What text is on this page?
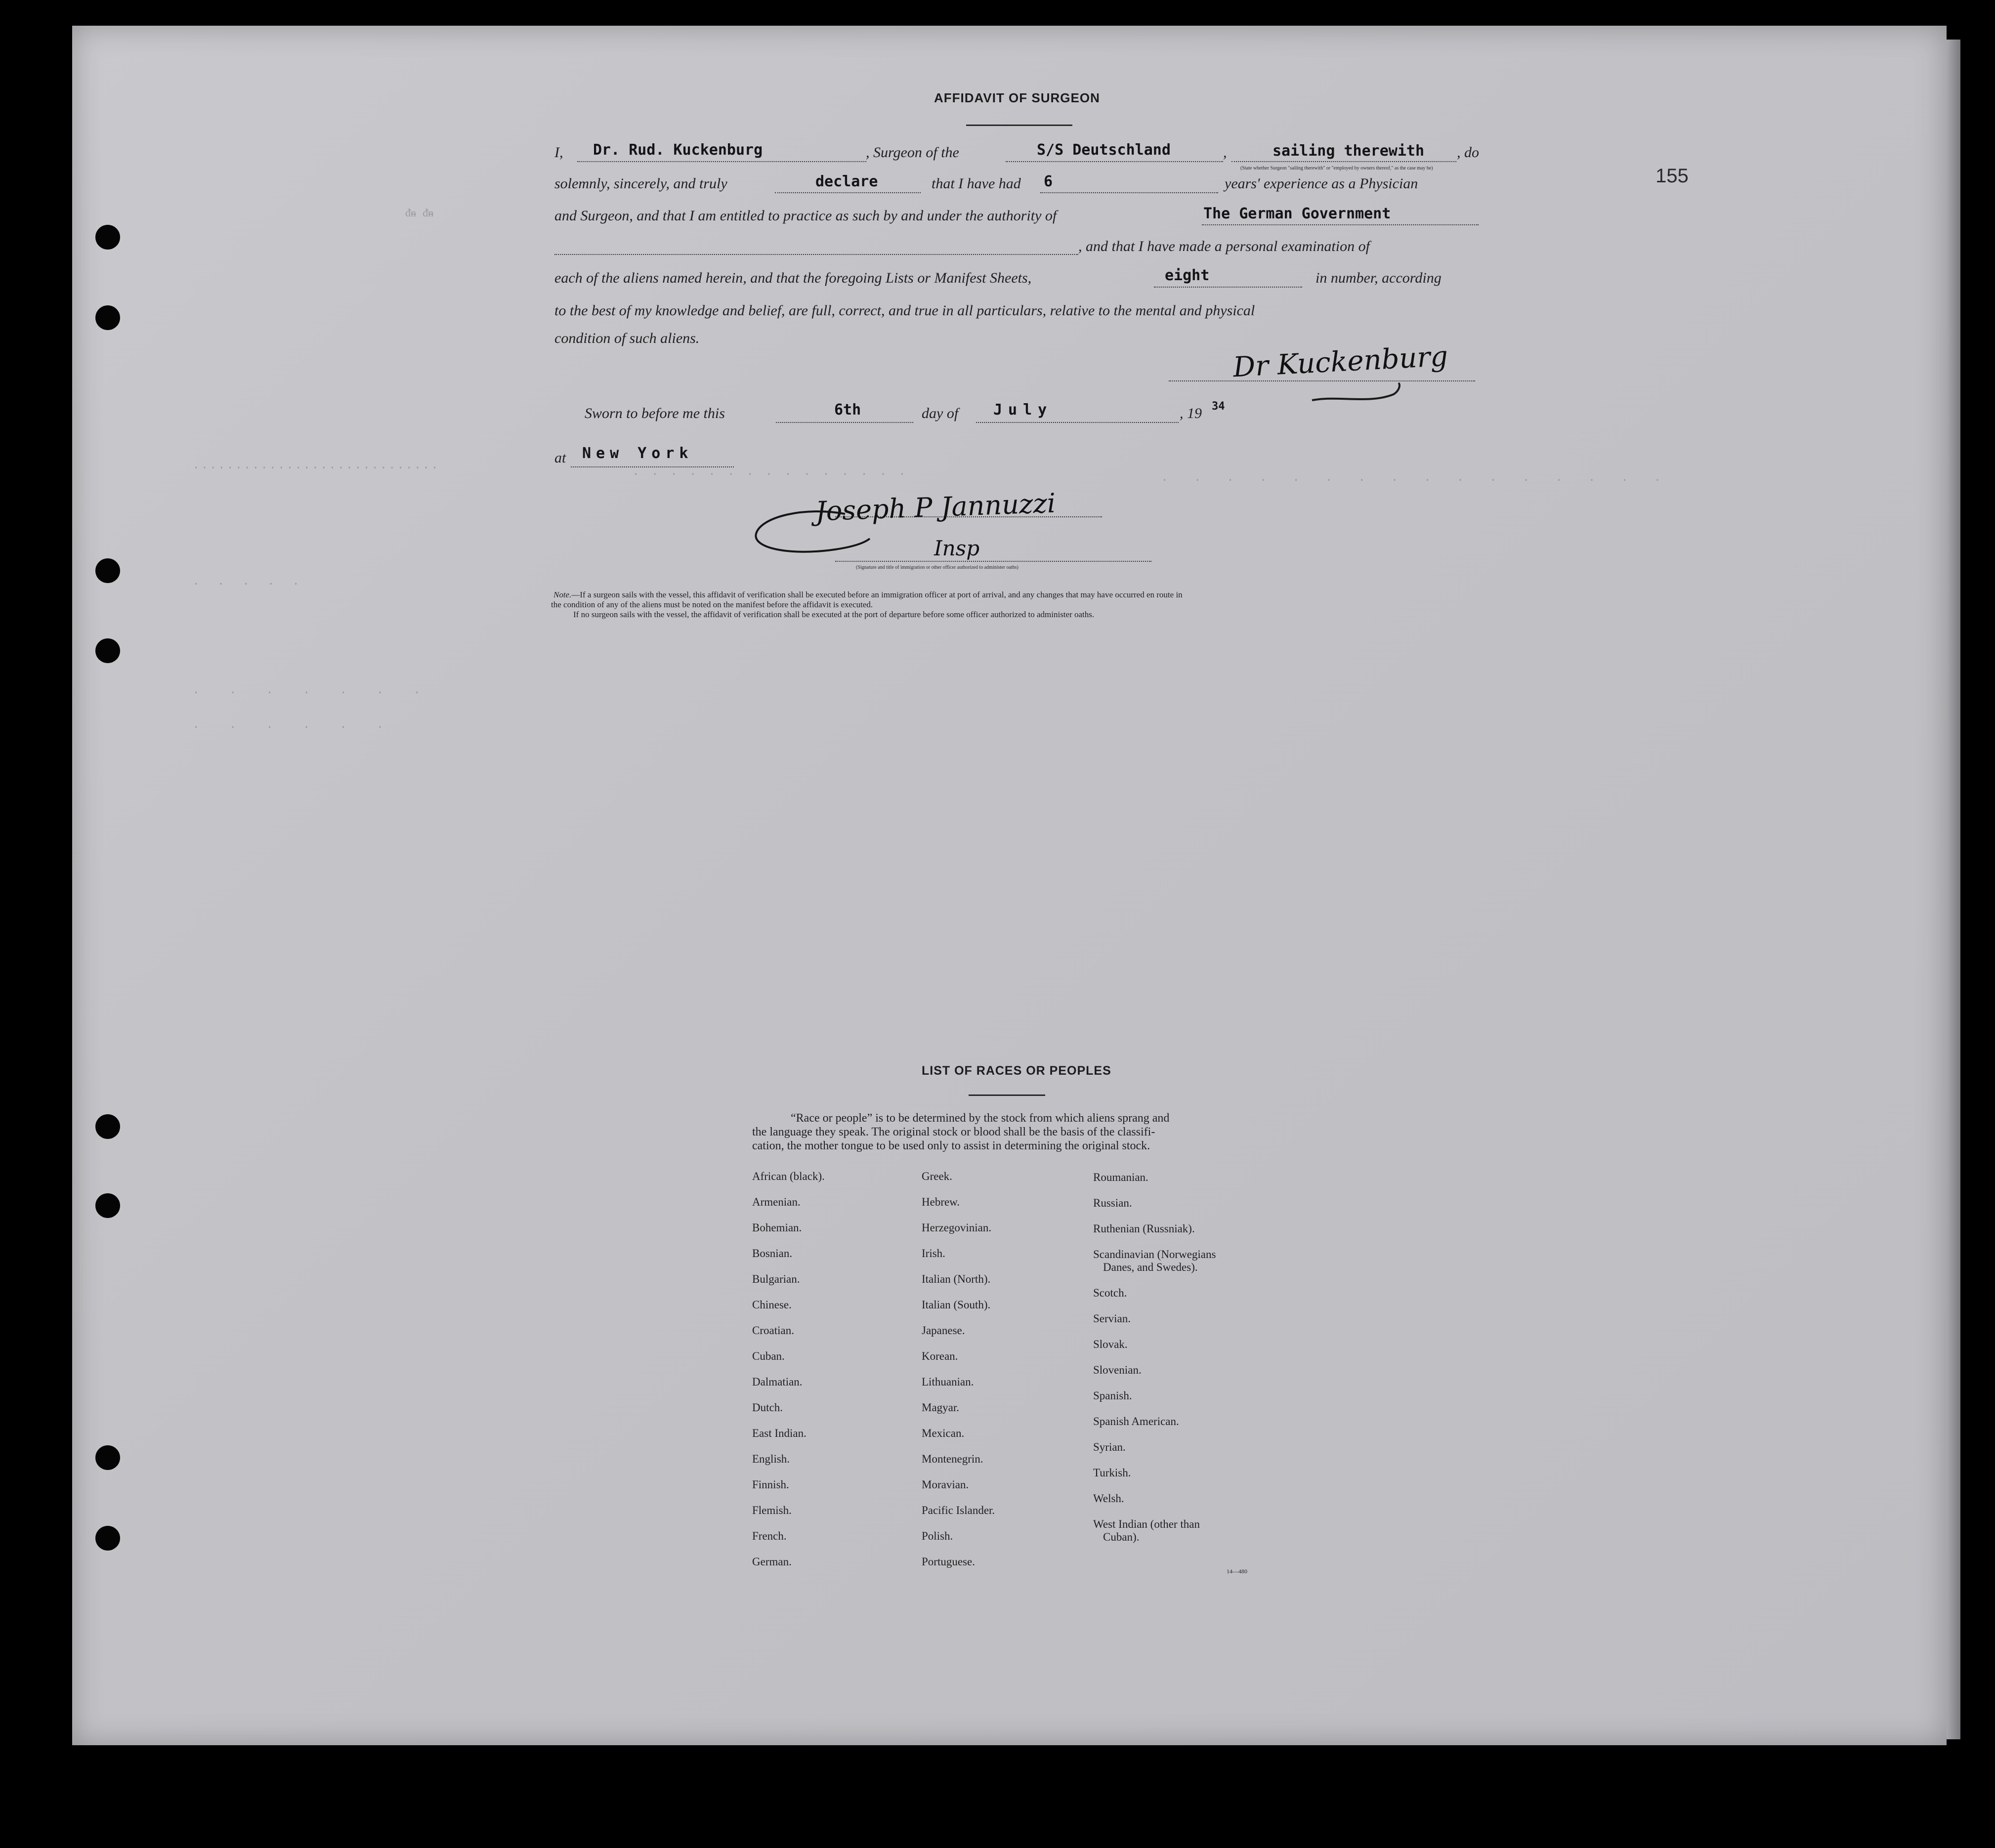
155
AFFIDAVIT OF SURGEON
I, Dr. Rud. Kuckenburg	, Surgeon of the	S/S Deutschland	,	sailing therewith , do
(State whether Surgeon "sailing therewith" or "employed by owners thereof," as the case may be)
solemnly, sincerely, and truly	declare	that I have had 6	years' experience as a Physician
and Surgeon, and that I am entitled to practice as such by and under the authority of	The German Government
, and that I have made a personal examination of
each of the aliens named herein, and that the foregoing Lists or Manifest Sheets,	eight	in number, according
to the best of my knowledge and belief, are full, correct, and true in all particulars, relative to the mental and physical
condition of such aliens.
Dr Kuckenburg
Sworn to before me this	6th	day of July	, 19 34
at New York
Joseph P Jannuzzi
Insp
(Signature and title of immigration or other officer authorized to administer oaths)
Note.—If a surgeon sails with the vessel, this affidavit of verification shall be executed before an immigration officer at port of arrival, and any changes that may have occurred en route in
the condition of any of the aliens must be noted on the manifest before the affidavit is executed.
If no surgeon sails with the vessel, the affidavit of verification shall be executed at the port of departure before some officer authorized to administer oaths.
ᵭᵰ ᵭᵰ
·····························
· · · · · · · · · · · · · · ·	· · · · · · · · · · · · · · · ·
· · · · ·
· · · · · · ·
· · · · · ·
LIST OF RACES OR PEOPLES
“Race or people” is to be determined by the stock from which aliens sprang and
the language they speak. The original stock or blood shall be the basis of the classifi-
cation, the mother tongue to be used only to assist in determining the original stock.
African (black).
Armenian.
Bohemian.
Bosnian.
Bulgarian.
Chinese.
Croatian.
Cuban.
Dalmatian.
Dutch.
East Indian.
English.
Finnish.
Flemish.
French.
German.
Greek.
Hebrew.
Herzegovinian.
Irish.
Italian (North).
Italian (South).
Japanese.
Korean.
Lithuanian.
Magyar.
Mexican.
Montenegrin.
Moravian.
Pacific Islander.
Polish.
Portuguese.
Roumanian.
Russian.
Ruthenian (Russniak).
Scandinavian (Norwegians
Danes, and Swedes).
Scotch.
Servian.
Slovak.
Slovenian.
Spanish.
Spanish American.
Syrian.
Turkish.
Welsh.
West Indian (other than
Cuban).
14—480
